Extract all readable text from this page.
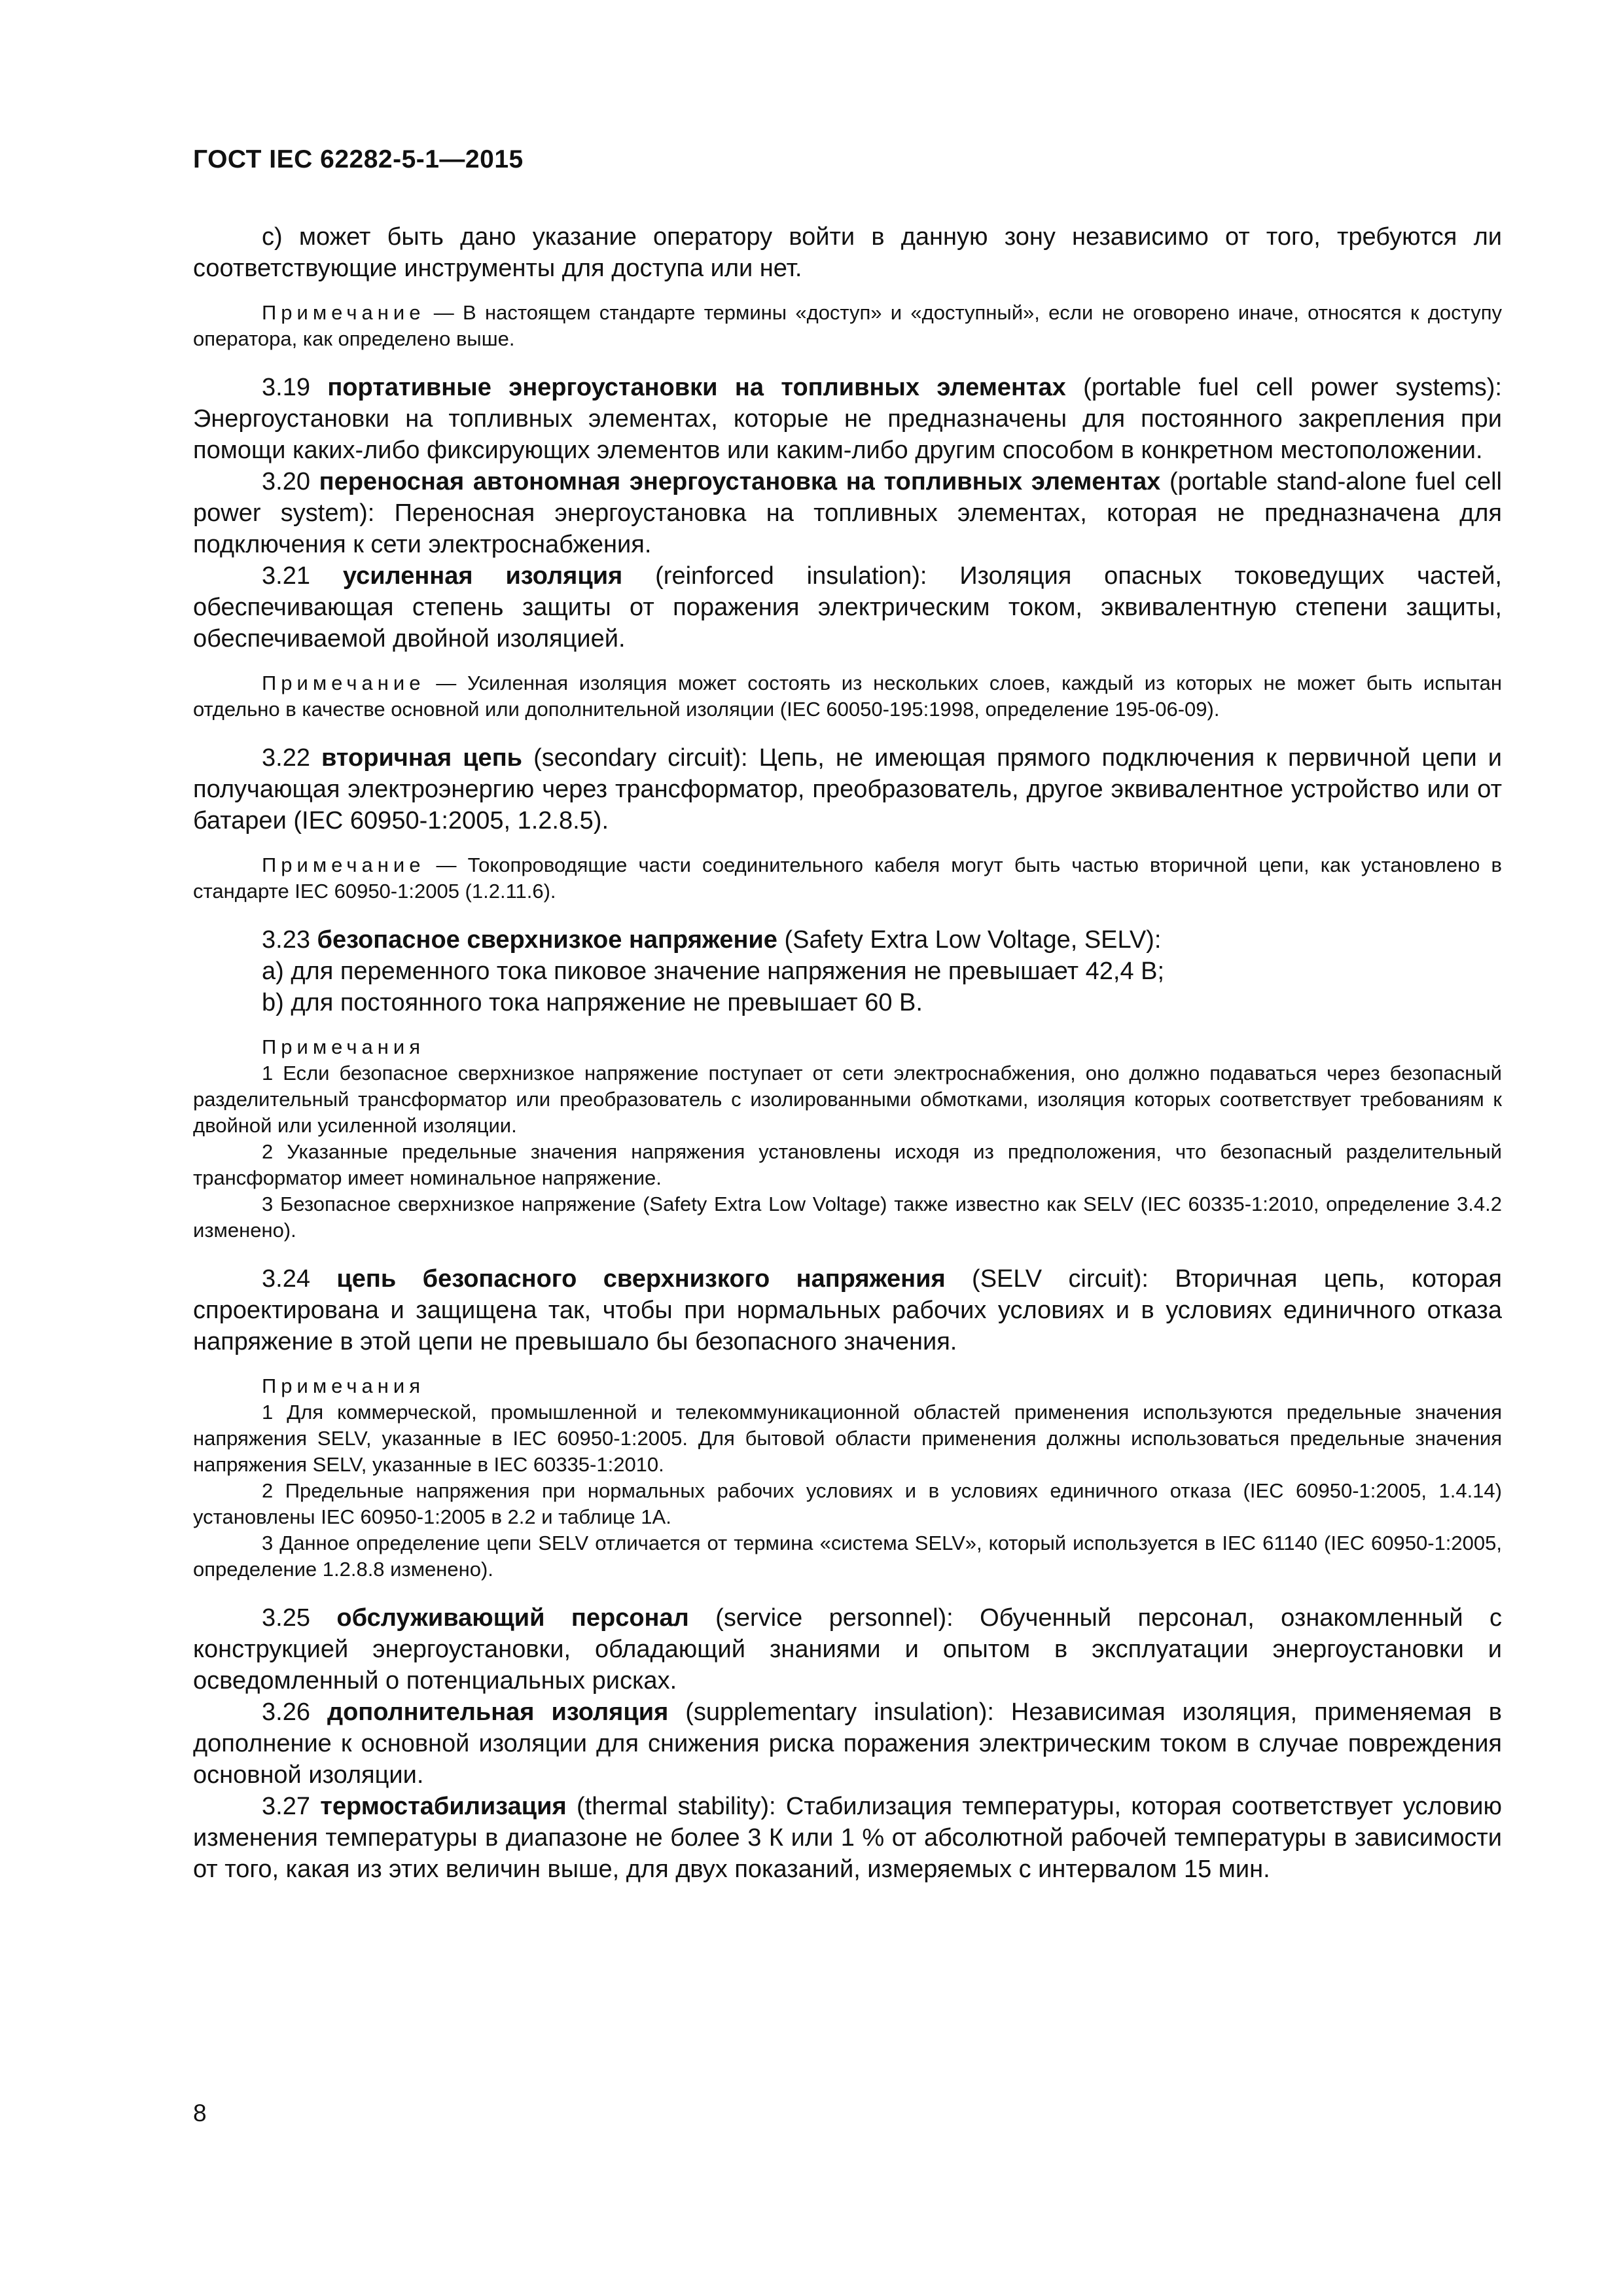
ГОСТ IEC 62282-5-1—2015

с) может быть дано указание оператору войти в данную зону независимо от того, требуются ли соответствующие инструменты для доступа или нет.

Примечание — В настоящем стандарте термины «доступ» и «доступный», если не оговорено иначе, относятся к доступу оператора, как определено выше.

3.19 портативные энергоустановки на топливных элементах (portable fuel cell power systems): Энергоустановки на топливных элементах, которые не предназначены для постоянного закрепления при помощи каких-либо фиксирующих элементов или каким-либо другим способом в конкретном местоположении.

3.20 переносная автономная энергоустановка на топливных элементах (portable stand-alone fuel cell power system): Переносная энергоустановка на топливных элементах, которая не предназначена для подключения к сети электроснабжения.

3.21 усиленная изоляция (reinforced insulation): Изоляция опасных токоведущих частей, обеспечивающая степень защиты от поражения электрическим током, эквивалентную степени защиты, обеспечиваемой двойной изоляцией.

Примечание — Усиленная изоляция может состоять из нескольких слоев, каждый из которых не может быть испытан отдельно в качестве основной или дополнительной изоляции (IEC 60050-195:1998, определение 195-06-09).

3.22 вторичная цепь (secondary circuit): Цепь, не имеющая прямого подключения к первичной цепи и получающая электроэнергию через трансформатор, преобразователь, другое эквивалентное устройство или от батареи (IEC 60950-1:2005, 1.2.8.5).

Примечание — Токопроводящие части соединительного кабеля могут быть частью вторичной цепи, как установлено в стандарте IEC 60950-1:2005 (1.2.11.6).

3.23 безопасное сверхнизкое напряжение (Safety Extra Low Voltage, SELV):

a) для переменного тока пиковое значение напряжения не превышает 42,4 В;

b) для постоянного тока напряжение не превышает 60 В.

Примечания

1 Если безопасное сверхнизкое напряжение поступает от сети электроснабжения, оно должно подаваться через безопасный разделительный трансформатор или преобразователь с изолированными обмотками, изоляция которых соответствует требованиям к двойной или усиленной изоляции.

2 Указанные предельные значения напряжения установлены исходя из предположения, что безопасный разделительный трансформатор имеет номинальное напряжение.

3 Безопасное сверхнизкое напряжение (Safety Extra Low Voltage) также известно как SELV (IEC 60335-1:2010, определение 3.4.2 изменено).

3.24 цепь безопасного сверхнизкого напряжения (SELV circuit): Вторичная цепь, которая спроектирована и защищена так, чтобы при нормальных рабочих условиях и в условиях единичного отказа напряжение в этой цепи не превышало бы безопасного значения.

Примечания

1 Для коммерческой, промышленной и телекоммуникационной областей применения используются предельные значения напряжения SELV, указанные в IEC 60950-1:2005. Для бытовой области применения должны использоваться предельные значения напряжения SELV, указанные в IEC 60335-1:2010.

2 Предельные напряжения при нормальных рабочих условиях и в условиях единичного отказа (IEC 60950-1:2005, 1.4.14) установлены IEC 60950-1:2005 в 2.2 и таблице 1А.

3 Данное определение цепи SELV отличается от термина «система SELV», который используется в IEC 61140 (IEC 60950-1:2005, определение 1.2.8.8 изменено).

3.25 обслуживающий персонал (service personnel): Обученный персонал, ознакомленный с конструкцией энергоустановки, обладающий знаниями и опытом в эксплуатации энергоустановки и осведомленный о потенциальных рисках.

3.26 дополнительная изоляция (supplementary insulation): Независимая изоляция, применяемая в дополнение к основной изоляции для снижения риска поражения электрическим током в случае повреждения основной изоляции.

3.27 термостабилизация (thermal stability): Стабилизация температуры, которая соответствует условию изменения температуры в диапазоне не более 3 К или 1 % от абсолютной рабочей температуры в зависимости от того, какая из этих величин выше, для двух показаний, измеряемых с интервалом 15 мин.

8
